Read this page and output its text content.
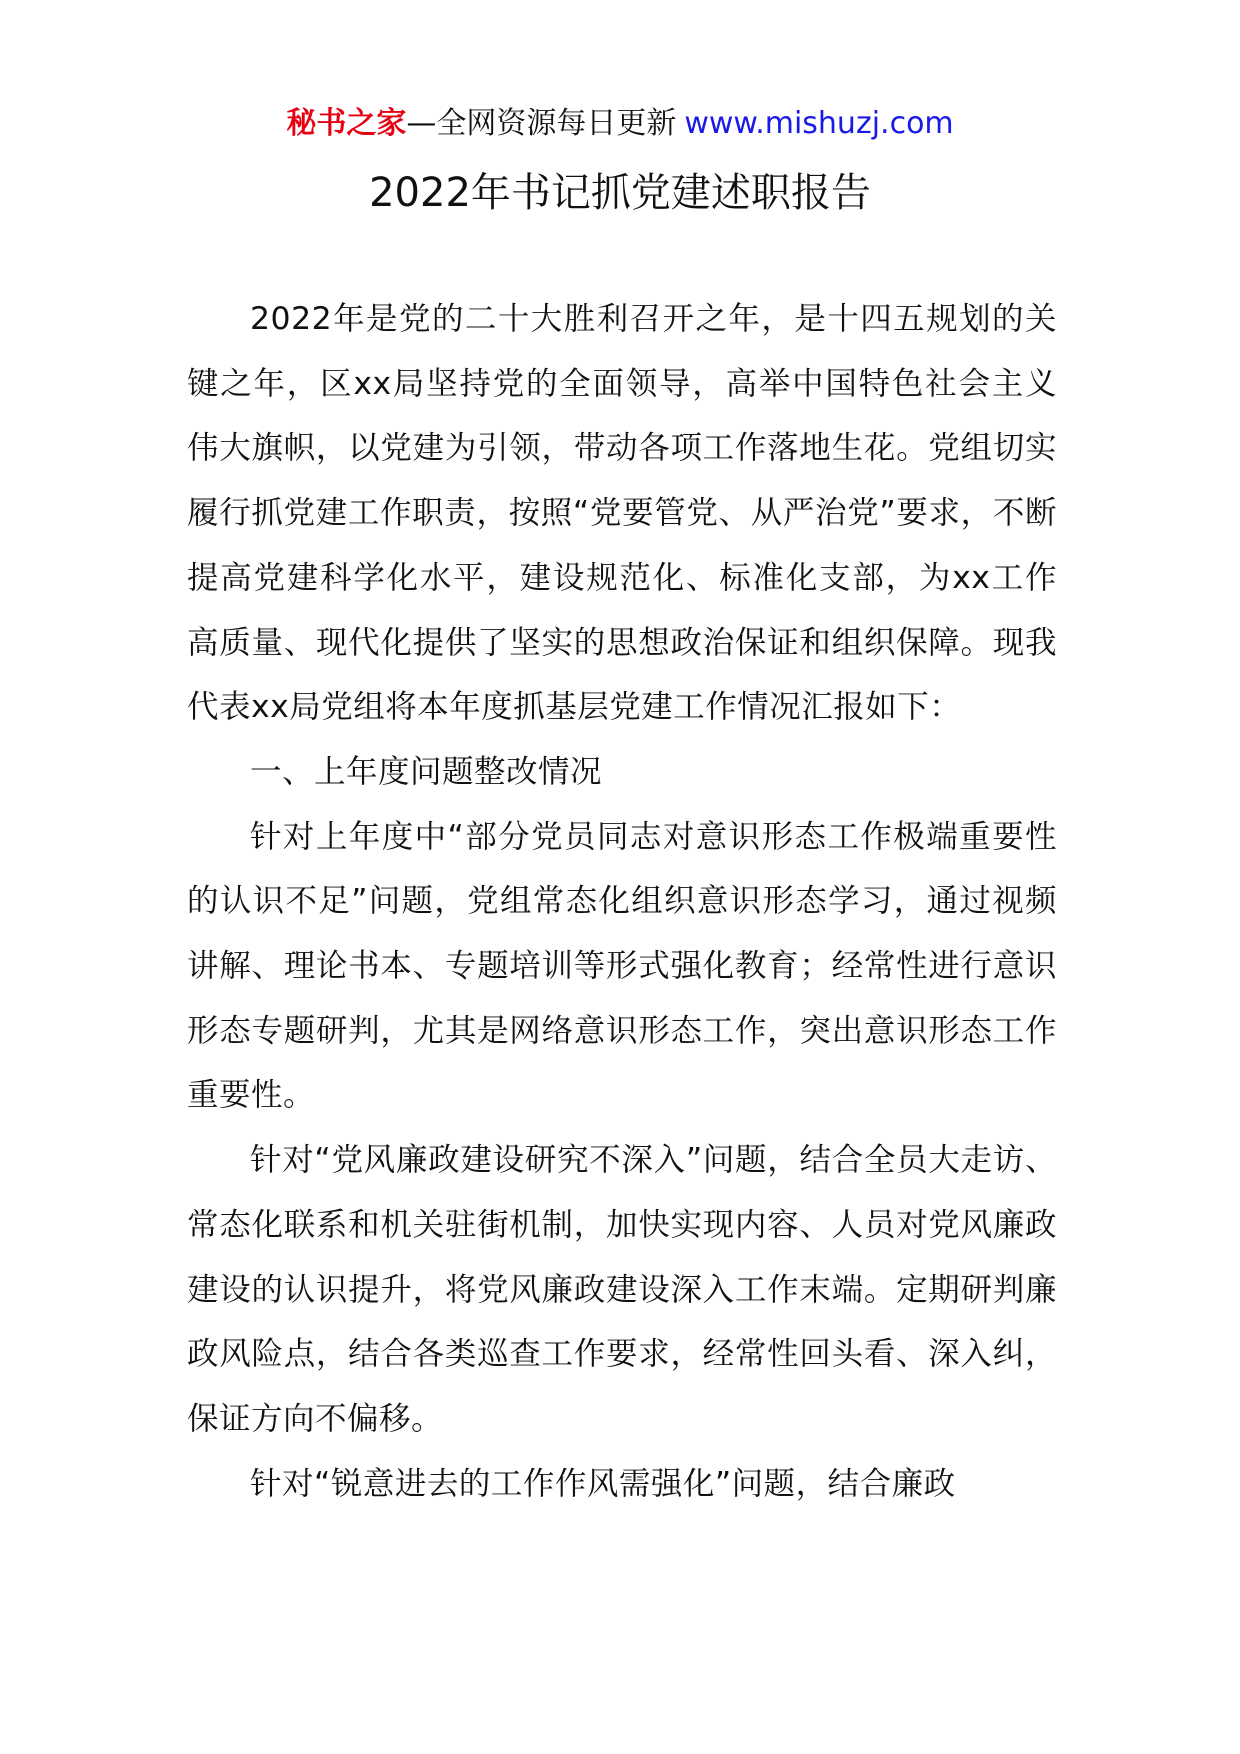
秘书之家—全网资源每日更新 www.mishuzj.com
2022年书记抓党建述职报告

2022年是党的二十大胜利召开之年，是十四五规划的关键之年，区xx局坚持党的全面领导，高举中国特色社会主义伟大旗帜，以党建为引领，带动各项工作落地生花。党组切实履行抓党建工作职责，按照“党要管党、从严治党”要求，不断提高党建科学化水平，建设规范化、标准化支部，为xx工作高质量、现代化提供了坚实的思想政治保证和组织保障。现我代表xx局党组将本年度抓基层党建工作情况汇报如下：

一、上年度问题整改情况

针对上年度中“部分党员同志对意识形态工作极端重要性的认识不足”问题，党组常态化组织意识形态学习，通过视频讲解、理论书本、专题培训等形式强化教育；经常性进行意识形态专题研判，尤其是网络意识形态工作，突出意识形态工作重要性。

针对“党风廉政建设研究不深入”问题，结合全员大走访、常态化联系和机关驻街机制，加快实现内容、人员对党风廉政建设的认识提升，将党风廉政建设深入工作末端。定期研判廉政风险点，结合各类巡查工作要求，经常性回头看、深入纠，保证方向不偏移。

针对“锐意进去的工作作风需强化”问题，结合廉政
